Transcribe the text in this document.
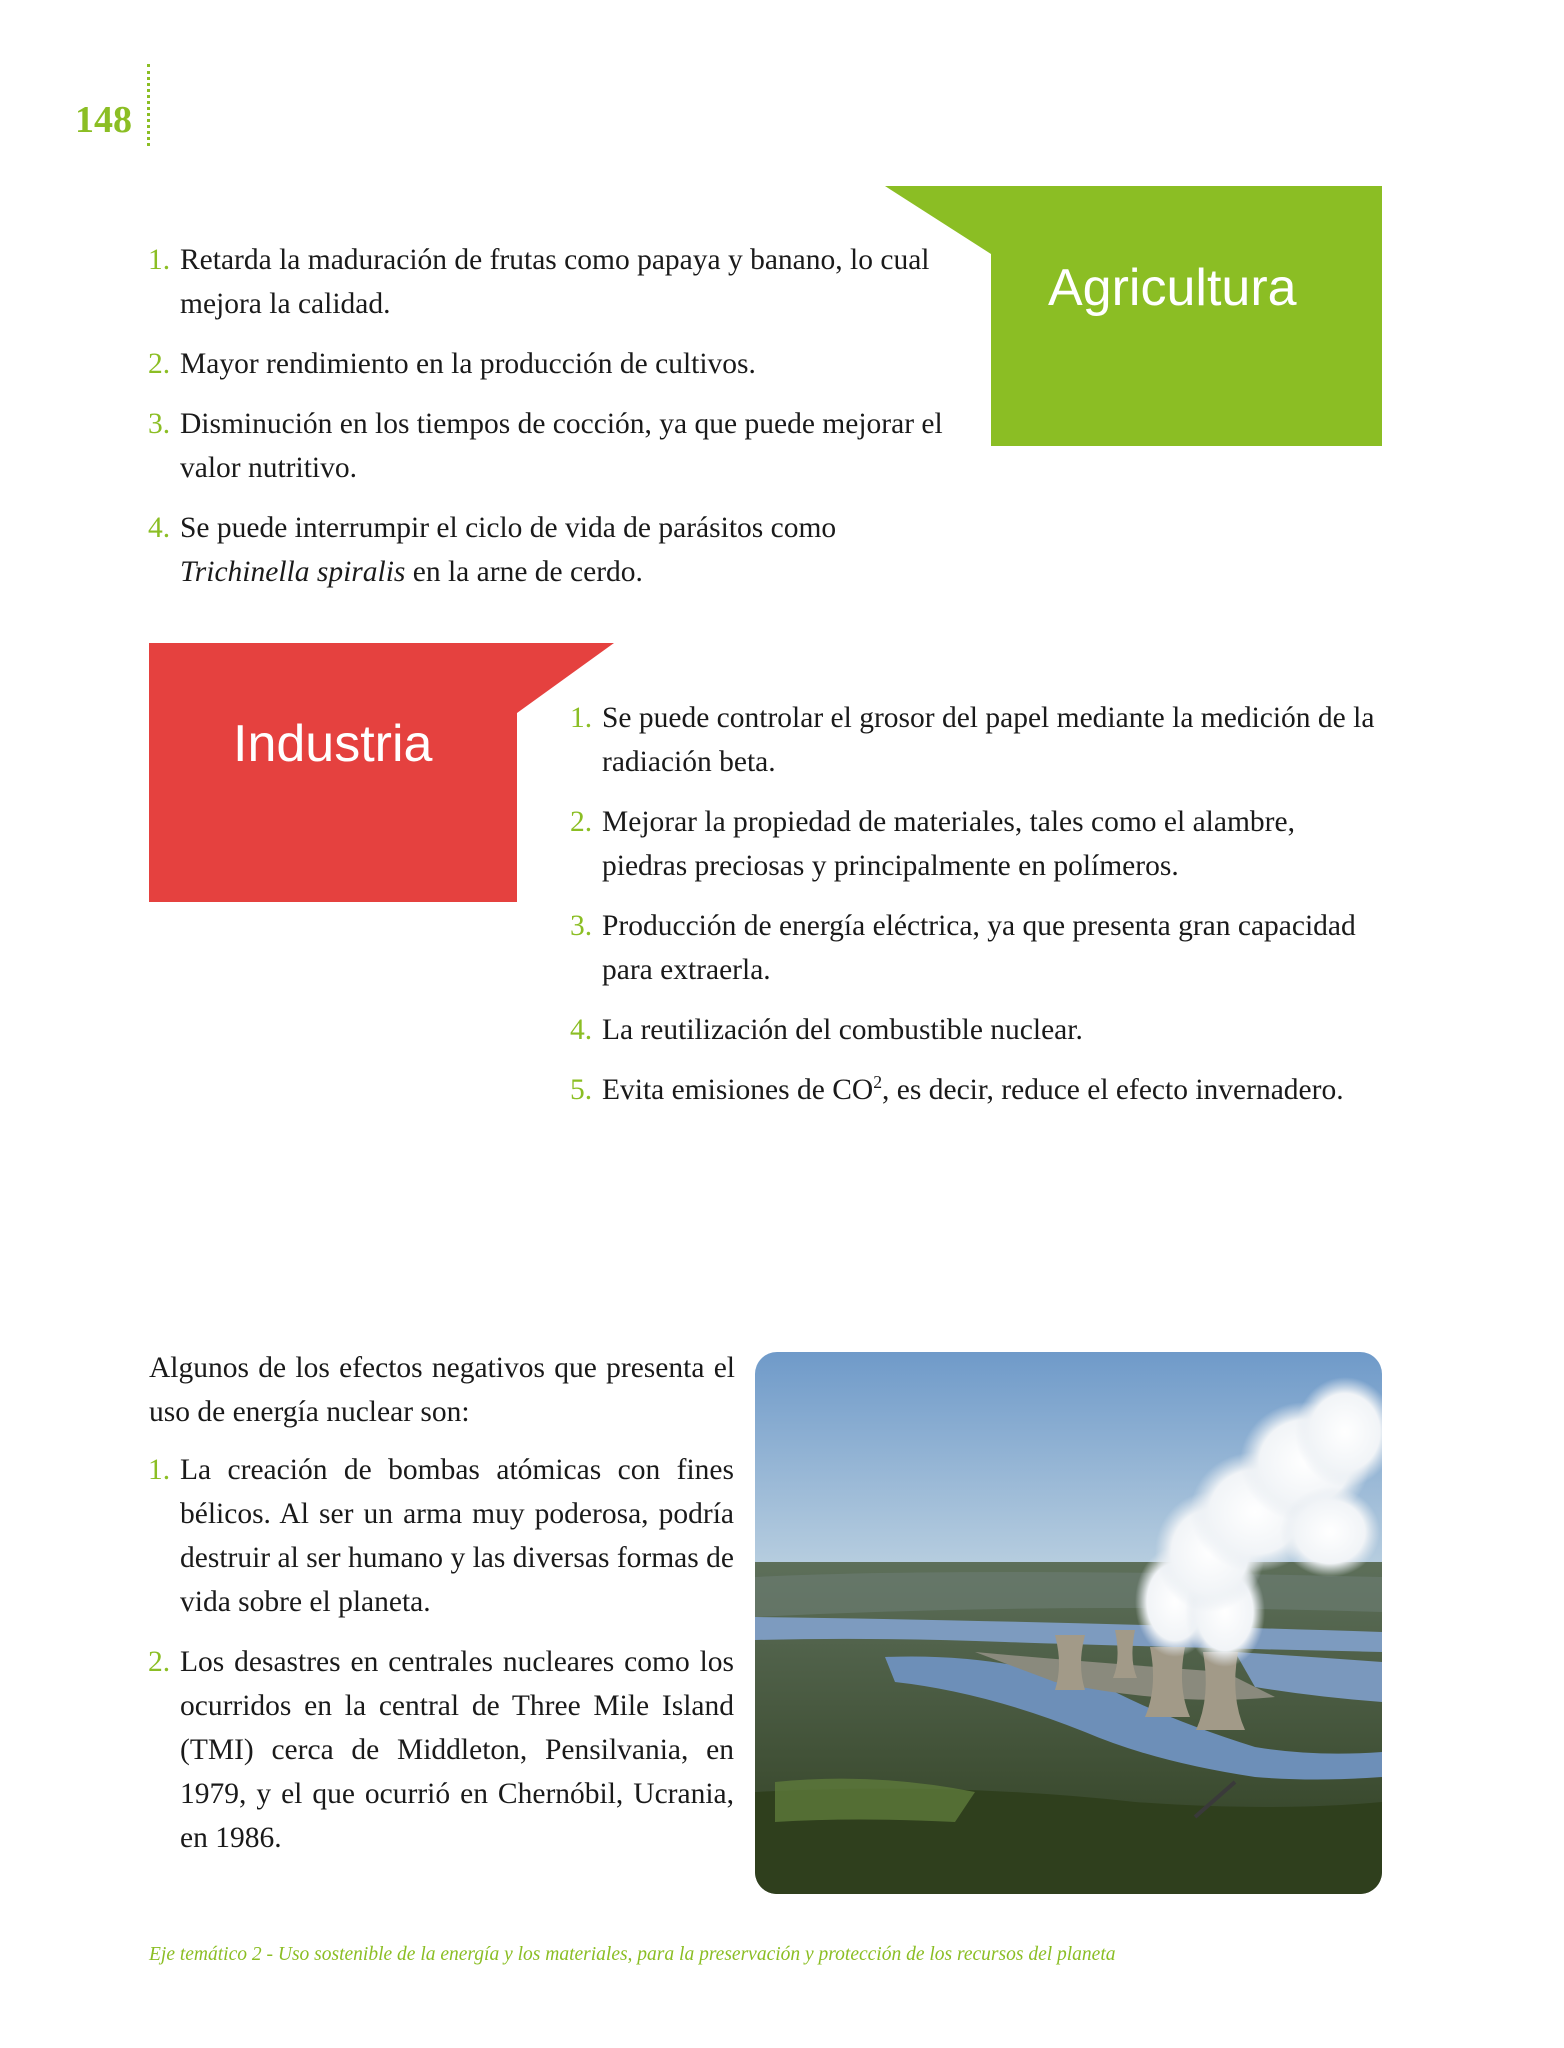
148
Agricultura
1. Retarda la maduración de frutas como papaya y banano, lo cual mejora la calidad.
2. Mayor rendimiento en la producción de cultivos.
3. Disminución en los tiempos de cocción, ya que puede mejorar el valor nutritivo.
4. Se puede interrumpir el ciclo de vida de parásitos como Trichinella spiralis en la arne de cerdo.
Industria	1. Se puede controlar el grosor del papel mediante la medición de la radiación beta.
2. Mejorar la propiedad de materiales, tales como el alambre, piedras preciosas y principalmente en polímeros.
3. Producción de energía eléctrica, ya que presenta gran capacidad para extraerla.
4. La reutilización del combustible nuclear.
5. Evita emisiones de $CO^2$, es decir, reduce el efecto invernadero.

Algunos de los efectos negativos que presenta el uso de energía nuclear son:

1. La creación de bombas atómicas con fines bélicos. Al ser un arma muy poderosa, podría destruir al ser humano y las diversas formas de vida sobre el planeta.
2. Los desastres en centrales nucleares como los ocurridos en la central de Three Mile Island (TMI) cerca de Middleton, Pensilvania, en 1979, y el que ocurrió en Chernóbil, Ucrania, en 1986.
Eje temático 2 - Uso sostenible de la energía y los materiales, para la preservación y protección de los recursos del planeta
